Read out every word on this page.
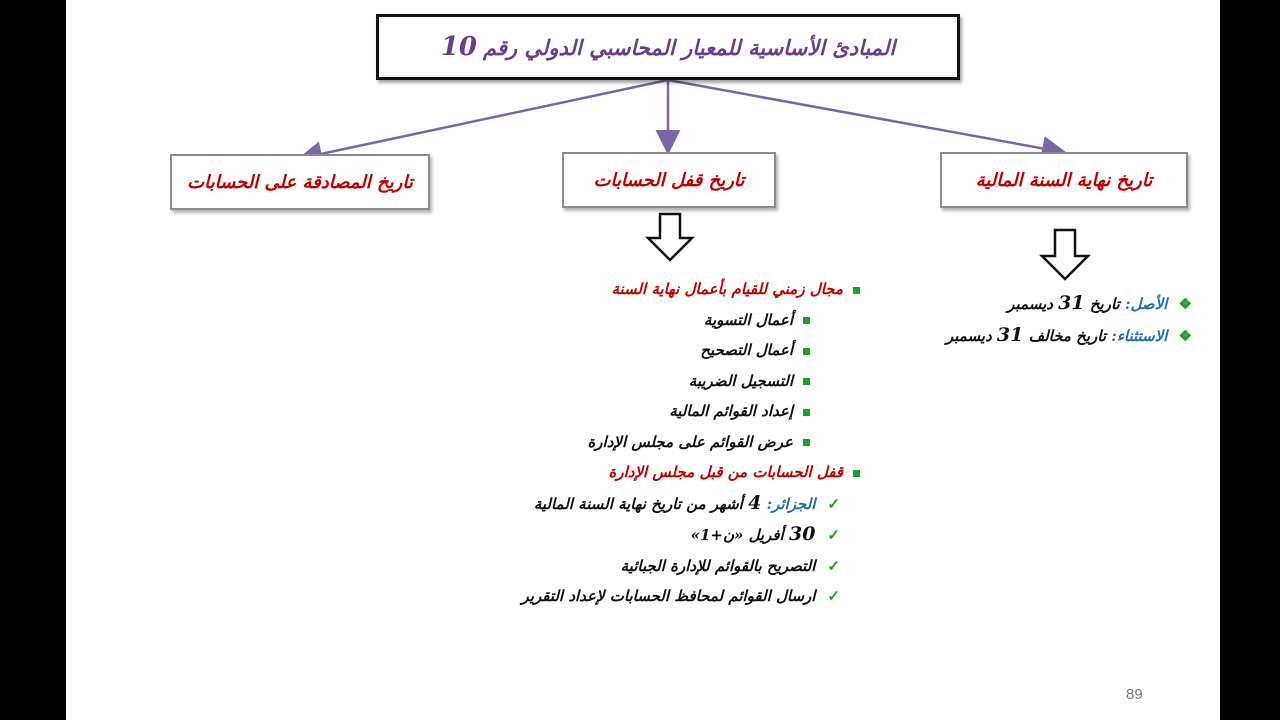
المبادئ الأساسية للمعيار المحاسبي الدولي رقم
10
تاريخ نهاية السنة المالية
تاريخ قفل الحسابات
تاريخ المصادقة على الحسابات
❖ الأصل: تاريخ 31 ديسمبر
❖ الاستثناء: تاريخ مخالف 31 ديسمبر
مجال زمني للقيام بأعمال نهاية السنة
أعمال التسوية
أعمال التصحيح
التسجيل الضريبة
إعداد القوائم المالية
عرض القوائم على مجلس الإدارة
قفل الحسابات من قبل مجلس الإدارة
✓الجزائر: 4 أشهر من تاريخ نهاية السنة المالية
✓30 أفريل «ن+1»
✓التصريح بالقوائم للإدارة الجبائية
✓ارسال القوائم لمحافظ الحسابات لإعداد التقرير
89
